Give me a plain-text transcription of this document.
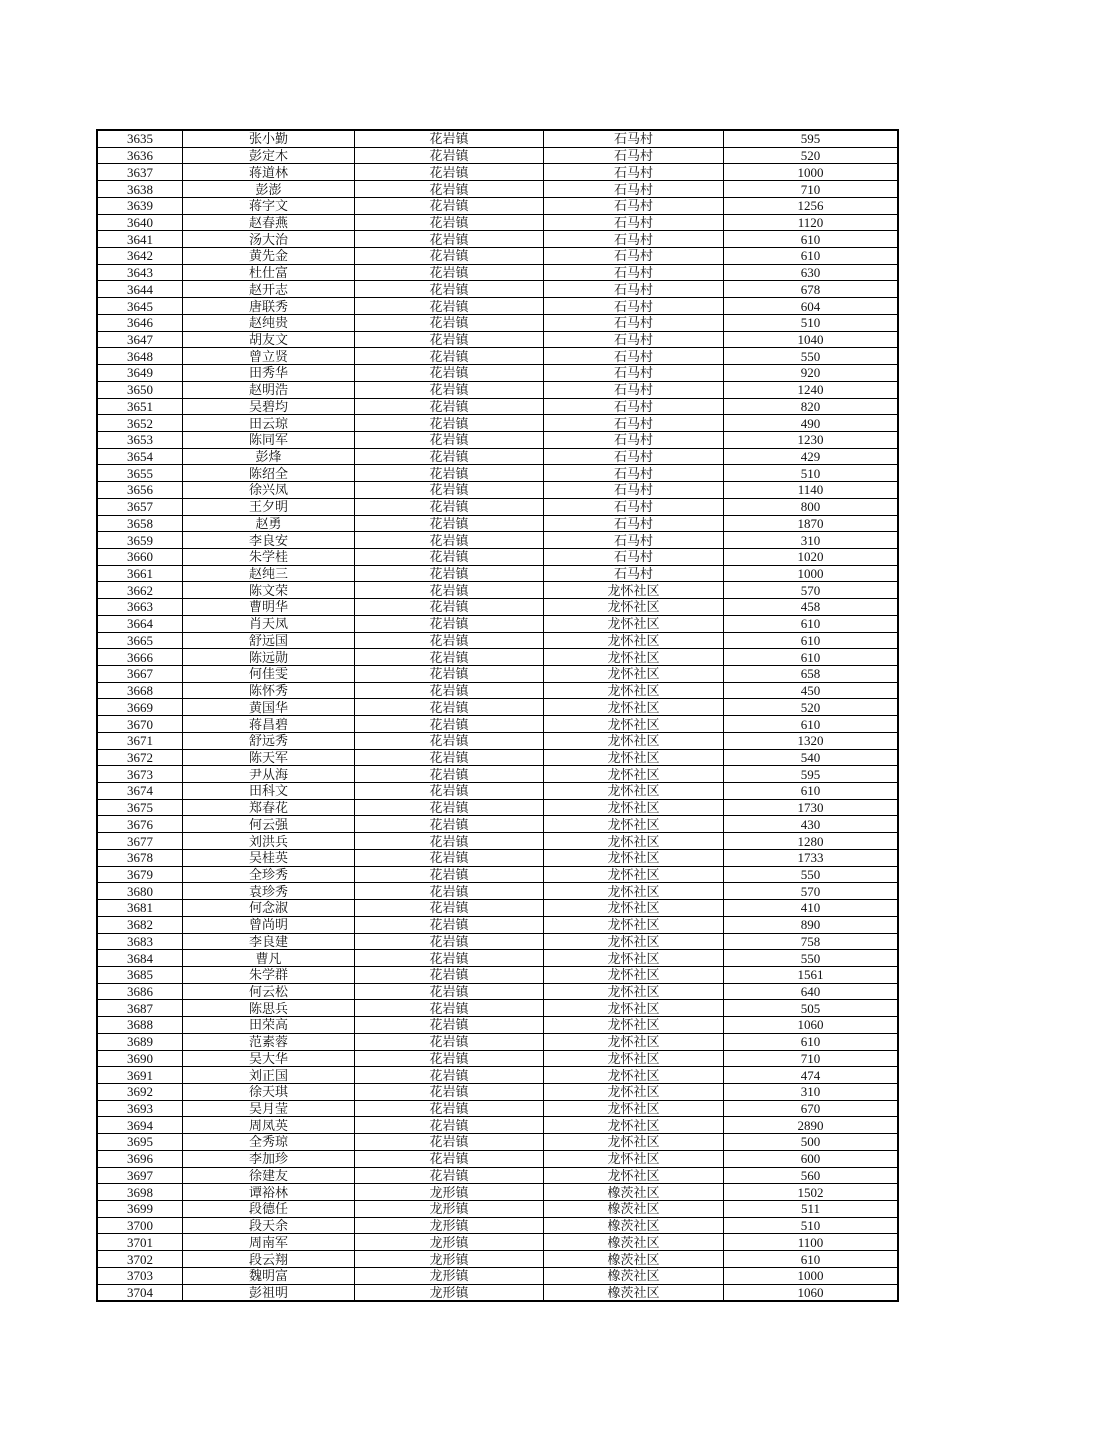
3635	张小勤	花岩镇	石马村	595
3636	彭定木	花岩镇	石马村	520
3637	蒋道林	花岩镇	石马村	1000
3638	彭澎	花岩镇	石马村	710
3639	蒋字文	花岩镇	石马村	1256
3640	赵春燕	花岩镇	石马村	1120
3641	汤大治	花岩镇	石马村	610
3642	黄先金	花岩镇	石马村	610
3643	杜仕富	花岩镇	石马村	630
3644	赵开志	花岩镇	石马村	678
3645	唐联秀	花岩镇	石马村	604
3646	赵纯贵	花岩镇	石马村	510
3647	胡友文	花岩镇	石马村	1040
3648	曾立贤	花岩镇	石马村	550
3649	田秀华	花岩镇	石马村	920
3650	赵明浩	花岩镇	石马村	1240
3651	吴碧均	花岩镇	石马村	820
3652	田云琼	花岩镇	石马村	490
3653	陈同军	花岩镇	石马村	1230
3654	彭烽	花岩镇	石马村	429
3655	陈绍全	花岩镇	石马村	510
3656	徐兴凤	花岩镇	石马村	1140
3657	王夕明	花岩镇	石马村	800
3658	赵勇	花岩镇	石马村	1870
3659	李良安	花岩镇	石马村	310
3660	朱学桂	花岩镇	石马村	1020
3661	赵纯三	花岩镇	石马村	1000
3662	陈文荣	花岩镇	龙怀社区	570
3663	曹明华	花岩镇	龙怀社区	458
3664	肖天凤	花岩镇	龙怀社区	610
3665	舒远国	花岩镇	龙怀社区	610
3666	陈远勋	花岩镇	龙怀社区	610
3667	何佳雯	花岩镇	龙怀社区	658
3668	陈怀秀	花岩镇	龙怀社区	450
3669	黄国华	花岩镇	龙怀社区	520
3670	蒋昌碧	花岩镇	龙怀社区	610
3671	舒远秀	花岩镇	龙怀社区	1320
3672	陈天军	花岩镇	龙怀社区	540
3673	尹从海	花岩镇	龙怀社区	595
3674	田科文	花岩镇	龙怀社区	610
3675	郑春花	花岩镇	龙怀社区	1730
3676	何云强	花岩镇	龙怀社区	430
3677	刘洪兵	花岩镇	龙怀社区	1280
3678	吴桂英	花岩镇	龙怀社区	1733
3679	全珍秀	花岩镇	龙怀社区	550
3680	袁珍秀	花岩镇	龙怀社区	570
3681	何念淑	花岩镇	龙怀社区	410
3682	曾尚明	花岩镇	龙怀社区	890
3683	李良建	花岩镇	龙怀社区	758
3684	曹凡	花岩镇	龙怀社区	550
3685	朱学群	花岩镇	龙怀社区	1561
3686	何云松	花岩镇	龙怀社区	640
3687	陈思兵	花岩镇	龙怀社区	505
3688	田荣高	花岩镇	龙怀社区	1060
3689	范素蓉	花岩镇	龙怀社区	610
3690	吴大华	花岩镇	龙怀社区	710
3691	刘正国	花岩镇	龙怀社区	474
3692	徐天琪	花岩镇	龙怀社区	310
3693	吴月莹	花岩镇	龙怀社区	670
3694	周凤英	花岩镇	龙怀社区	2890
3695	全秀琼	花岩镇	龙怀社区	500
3696	李加珍	花岩镇	龙怀社区	600
3697	徐建友	花岩镇	龙怀社区	560
3698	谭裕林	龙形镇	橡茨社区	1502
3699	段德任	龙形镇	橡茨社区	511
3700	段天余	龙形镇	橡茨社区	510
3701	周南军	龙形镇	橡茨社区	1100
3702	段云翔	龙形镇	橡茨社区	610
3703	魏明富	龙形镇	橡茨社区	1000
3704	彭祖明	龙形镇	橡茨社区	1060
